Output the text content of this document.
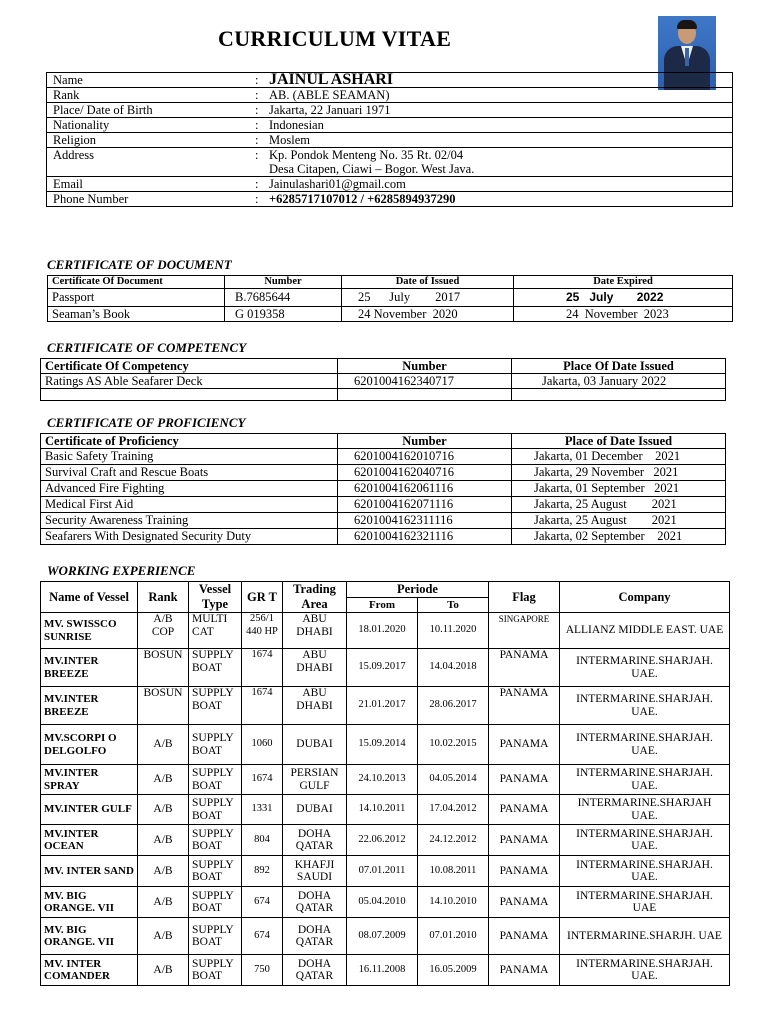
CURRICULUM VITAE
Name	:	JAINUL ASHARI
Rank	:	AB. (ABLE SEAMAN)
Place/ Date of Birth	:	Jakarta, 22 Januari 1971
Nationality	:	Indonesian
Religion	:	Moslem
Address	:	Kp. Pondok Menteng No. 35 Rt. 02/04
Desa Citapen, Ciawi – Bogor. West Java.

Email	:	Jainulashari01@gmail.com
Phone Number	:	+6285717107012 / +6285894937290
CERTIFICATE OF DOCUMENT
Certificate Of Document	Number	Date of Issued	Date Expired
Passport	B.7685644	25      July        2017	25   July       2022
Seaman’s Book	G 019358	24 November  2020	24  November  2023
CERTIFICATE OF COMPETENCY
Certificate Of Competency	Number	Place Of Date Issued
Ratings AS Able Seafarer Deck	6201004162340717	Jakarta, 03 January 2022

CERTIFICATE OF PROFICIENCY
Certificate of Proficiency	Number	Place of Date Issued
Basic Safety Training	6201004162010716	Jakarta, 01 December    2021
Survival Craft and Rescue Boats	6201004162040716	Jakarta, 29 November   2021
Advanced Fire Fighting	6201004162061116	Jakarta, 01 September   2021
Medical First Aid	6201004162071116	Jakarta, 25 August        2021
Security Awareness Training	6201004162311116	Jakarta, 25 August        2021
Seafarers With Designated Security Duty	6201004162321116	Jakarta, 02 September    2021
WORKING EXPERIENCE
Name of Vessel	Rank	Vessel Type	GR T	Trading Area	Periode		Flag	Company
					From	To		
MV. SWISSCO SUNRISE	A/B COP	MULTI CAT	256/1 440 HP	ABU DHABI	18.01.2020	10.11.2020	SINGAPORE	ALLIANZ MIDDLE EAST. UAE
MV.INTER BREEZE	BOSUN	SUPPLY BOAT	1674	ABU DHABI	15.09.2017	14.04.2018	PANAMA	INTERMARINE.SHARJAH. UAE.
MV.INTER BREEZE	BOSUN	SUPPLY BOAT	1674	ABU DHABI	21.01.2017	28.06.2017	PANAMA	INTERMARINE.SHARJAH. UAE.
MV.SCORPI O DELGOLFO	A/B	SUPPLY BOAT	1060	DUBAI	15.09.2014	10.02.2015	PANAMA	INTERMARINE.SHARJAH. UAE.
MV.INTER SPRAY	A/B	SUPPLY BOAT	1674	PERSIAN GULF	24.10.2013	04.05.2014	PANAMA	INTERMARINE.SHARJAH. UAE.
MV.INTER GULF	A/B	SUPPLY BOAT	1331	DUBAI	14.10.2011	17.04.2012	PANAMA	INTERMARINE.SHARJAH UAE.
MV.INTER OCEAN	A/B	SUPPLY BOAT	804	DOHA QATAR	22.06.2012	24.12.2012	PANAMA	INTERMARINE.SHARJAH. UAE.
MV. INTER SAND	A/B	SUPPLY BOAT	892	KHAFJI SAUDI	07.01.2011	10.08.2011	PANAMA	INTERMARINE.SHARJAH. UAE.
MV. BIG ORANGE. VII	A/B	SUPPLY BOAT	674	DOHA QATAR	05.04.2010	14.10.2010	PANAMA	INTERMARINE.SHARJAH. UAE
MV. BIG ORANGE. VII	A/B	SUPPLY BOAT	674	DOHA QATAR	08.07.2009	07.01.2010	PANAMA	INTERMARINE.SHARJH. UAE
MV. INTER COMANDER	A/B	SUPPLY BOAT	750	DOHA QATAR	16.11.2008	16.05.2009	PANAMA	INTERMARINE.SHARJAH. UAE.
